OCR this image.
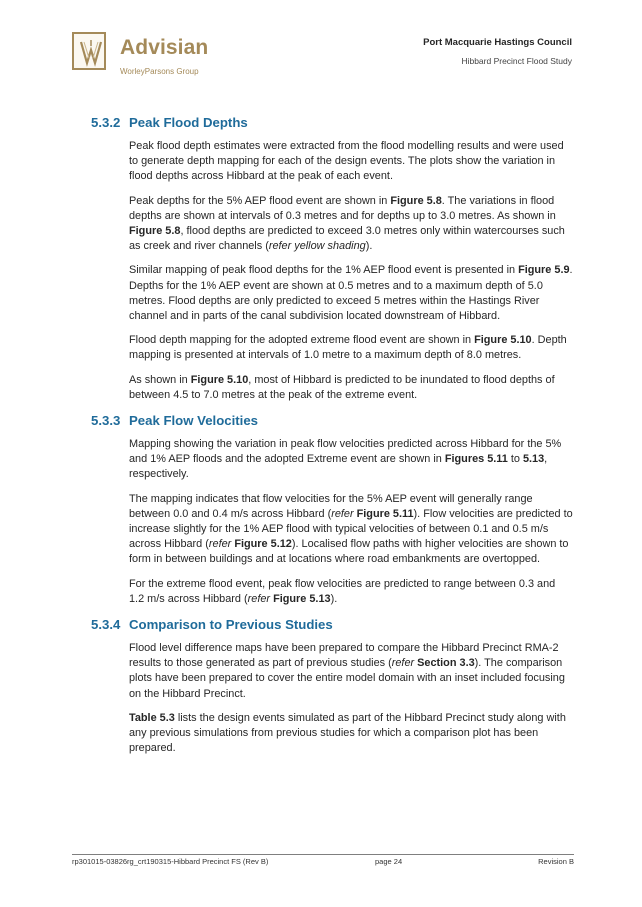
Advisian
WorleyParsons Group
Port Macquarie Hastings Council
Hibbard Precinct Flood Study
5.3.2 Peak Flood Depths

Peak flood depth estimates were extracted from the flood modelling results and were used to generate depth mapping for each of the design events. The plots show the variation in flood depths across Hibbard at the peak of each event.

Peak depths for the 5% AEP flood event are shown in Figure 5.8. The variations in flood depths are shown at intervals of 0.3 metres and for depths up to 3.0 metres. As shown in Figure 5.8, flood depths are predicted to exceed 3.0 metres only within watercourses such as creek and river channels (refer yellow shading).

Similar mapping of peak flood depths for the 1% AEP flood event is presented in Figure 5.9. Depths for the 1% AEP event are shown at 0.5 metres and to a maximum depth of 5.0 metres. Flood depths are only predicted to exceed 5 metres within the Hastings River channel and in parts of the canal subdivision located downstream of Hibbard.

Flood depth mapping for the adopted extreme flood event are shown in Figure 5.10. Depth mapping is presented at intervals of 1.0 metre to a maximum depth of 8.0 metres.

As shown in Figure 5.10, most of Hibbard is predicted to be inundated to flood depths of between 4.5 to 7.0 metres at the peak of the extreme event.

5.3.3 Peak Flow Velocities

Mapping showing the variation in peak flow velocities predicted across Hibbard for the 5% and 1% AEP floods and the adopted Extreme event are shown in Figures 5.11 to 5.13, respectively.

The mapping indicates that flow velocities for the 5% AEP event will generally range between 0.0 and 0.4 m/s across Hibbard (refer Figure 5.11). Flow velocities are predicted to increase slightly for the 1% AEP flood with typical velocities of between 0.1 and 0.5 m/s across Hibbard (refer Figure 5.12). Localised flow paths with higher velocities are shown to form in between buildings and at locations where road embankments are overtopped.

For the extreme flood event, peak flow velocities are predicted to range between 0.3 and 1.2 m/s across Hibbard (refer Figure 5.13).

5.3.4 Comparison to Previous Studies

Flood level difference maps have been prepared to compare the Hibbard Precinct RMA-2 results to those generated as part of previous studies (refer Section 3.3). The comparison plots have been prepared to cover the entire model domain with an inset included focusing on the Hibbard Precinct.

Table 5.3 lists the design events simulated as part of the Hibbard Precinct study along with any previous simulations from previous studies for which a comparison plot has been prepared.

rp301015-03826rg_crt190315-Hibbard Precinct FS (Rev B)	page 24	Revision B
